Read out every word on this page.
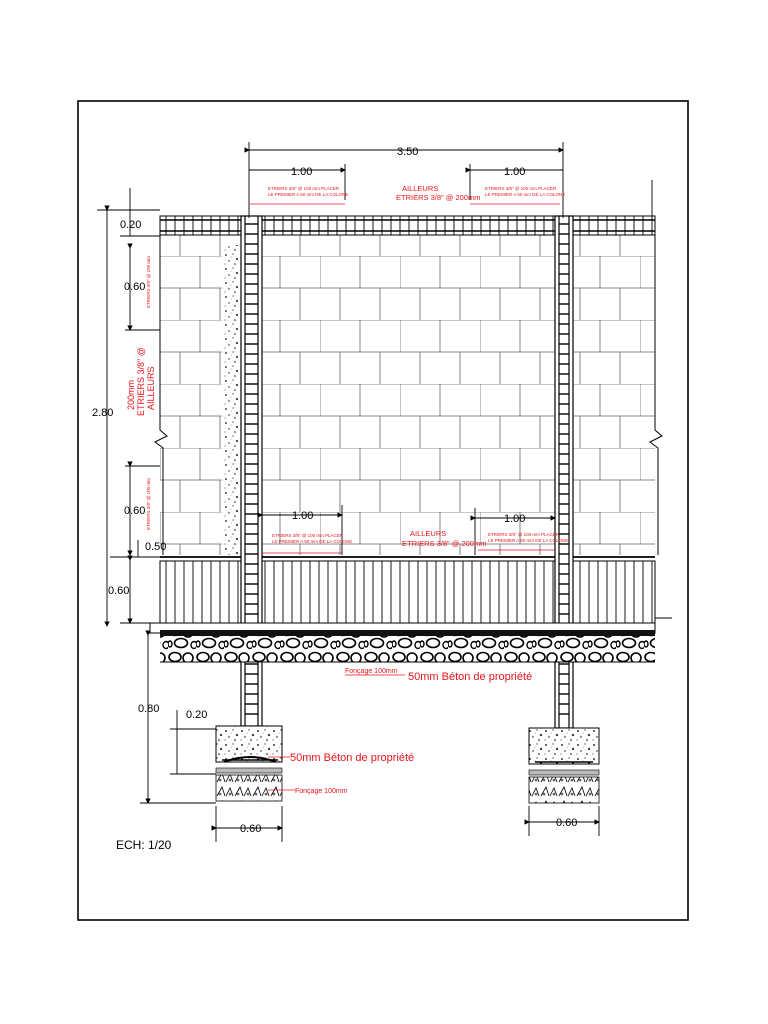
3.50
1.00	1.00
0.20
0.60
2.80
0.60
0.50
0.60
0.80 0.20
0.60	0.60
1.00	1.00
ETRIERS 3/8" @ 100 mm PLACER
LE PREMIER A 50 mm DE LA COLONE
AILLEURS
ETRIERS 3/8" @ 200mm
ETRIERS 3/8" @ 100 mm PLACER
LE PREMIER A 50 mm DE LA COLONE
ETRIERS 3/8" @ 100 mm PLACER
LE PREMIER A 50 mm DE LA COLONE
AILLEURS
ETRIERS 3/8" @ 200mm
ETRIERS 3/8" @ 100 mm PLACER
LE PREMIER A 50 mm DE LA COLONE
AILLEURS
ETRIERS 3/8" @
200mm
ETRIERS 3/8" @ 100 mm
ETRIERS 3/8" @ 100 mm
Fonçage 100mm 50mm Béton de propriété
50mm Béton de propriété
Fonçage 100mm
ECH: 1/20
